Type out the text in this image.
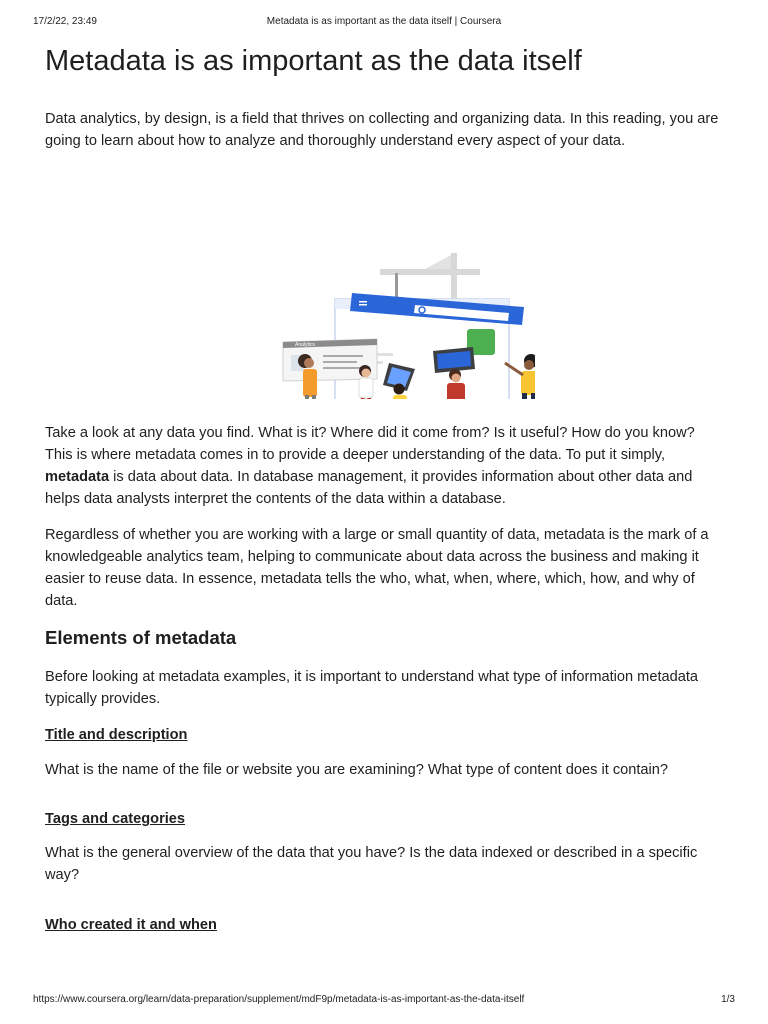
17/2/22, 23:49	Metadata is as important as the data itself | Coursera
Metadata is as important as the data itself

Data analytics, by design, is a field that thrives on collecting and organizing data. In this reading, you are going to learn about how to analyze and thoroughly understand every aspect of your data.

Analytics

Take a look at any data you find. What is it? Where did it come from? Is it useful? How do you know? This is where metadata comes in to provide a deeper understanding of the data. To put it simply, metadata is data about data. In database management, it provides information about other data and helps data analysts interpret the contents of the data within a database.

Regardless of whether you are working with a large or small quantity of data, metadata is the mark of a knowledgeable analytics team, helping to communicate about data across the business and making it easier to reuse data. In essence, metadata tells the who, what, when, where, which, how, and why of data.

Elements of metadata

Before looking at metadata examples, it is important to understand what type of information metadata typically provides.

Title and description

What is the name of the file or website you are examining? What type of content does it contain?

Tags and categories

What is the general overview of the data that you have? Is the data indexed or described in a specific way?

Who created it and when

https://www.coursera.org/learn/data-preparation/supplement/mdF9p/metadata-is-as-important-as-the-data-itself	1/3
